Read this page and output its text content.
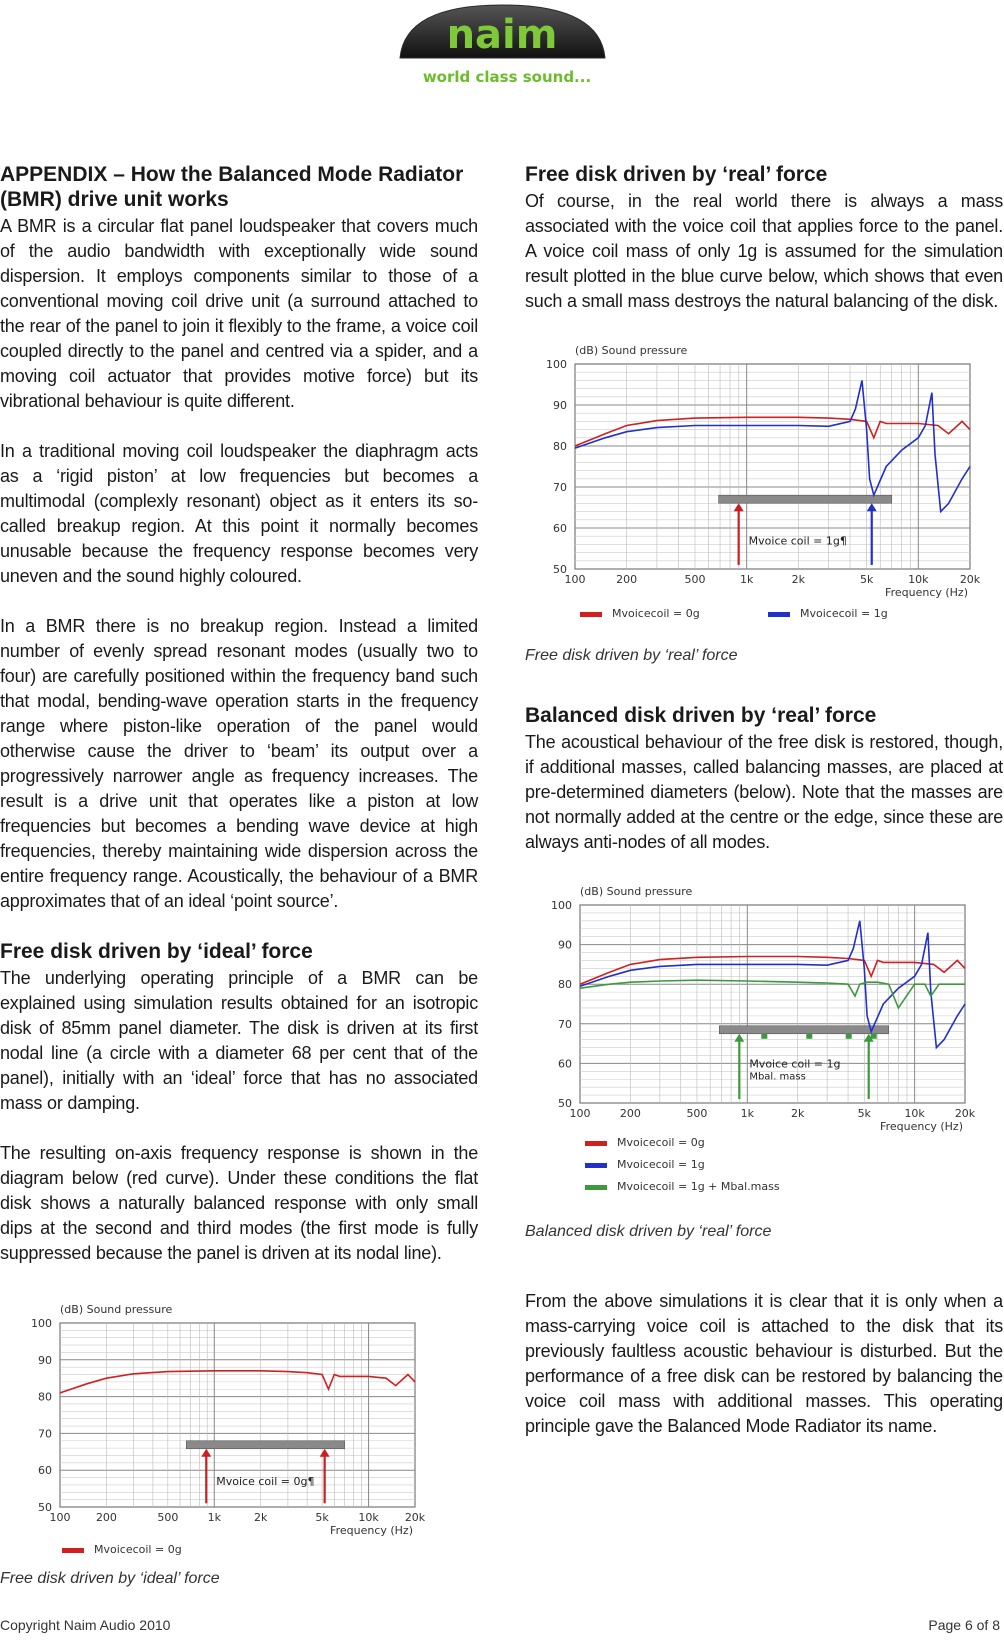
naim
world class sound...
APPENDIX – How the Balanced Mode Radiator (BMR) drive unit works

A BMR is a circular flat panel loudspeaker that covers much of the audio bandwidth with exceptionally wide sound dispersion. It employs components similar to those of a conventional moving coil drive unit (a surround attached to the rear of the panel to join it flexibly to the frame, a voice coil coupled directly to the panel and centred via a spider, and a moving coil actuator that provides motive force) but its vibrational behaviour is quite different.

In a traditional moving coil loudspeaker the diaphragm acts as a ‘rigid piston’ at low frequencies but becomes a multimodal (complexly resonant) object as it enters its so-called breakup region. At this point it normally becomes unusable because the frequency response becomes very uneven and the sound highly coloured.

In a BMR there is no breakup region. Instead a limited number of evenly spread resonant modes (usually two to four) are carefully positioned within the frequency band such that modal, bending-wave operation starts in the frequency range where piston-like operation of the panel would otherwise cause the driver to ‘beam’ its output over a progressively narrower angle as frequency increases. The result is a drive unit that operates like a piston at low frequencies but becomes a bending wave device at high frequencies, thereby maintaining wide dispersion across the entire frequency range. Acoustically, the behaviour of a BMR approximates that of an ideal ‘point source’.

Free disk driven by ‘ideal’ force

The underlying operating principle of a BMR can be explained using simulation results obtained for an isotropic disk of 85mm panel diameter. The disk is driven at its first nodal line (a circle with a diameter 68 per cent that of the panel), initially with an ‘ideal’ force that has no associated mass or damping.

The resulting on-axis frequency response is shown in the diagram below (red curve). Under these conditions the flat disk shows a naturally balanced response with only small dips at the second and third modes (the first mode is fully suppressed because the panel is driven at its nodal line).

(dB) Sound pressure
100
90
80
70
60
50
100 200	500	1k	2k	5k	10k 20k
Frequency (Hz)
Mvoice coil = 0g¶
Mvoicecoil = 0g
Free disk driven by ‘ideal’ force
Free disk driven by ‘real’ force

Of course, in the real world there is always a mass associated with the voice coil that applies force to the panel. A voice coil mass of only 1g is assumed for the simulation result plotted in the blue curve below, which shows that even such a small mass destroys the natural balancing of the disk.

(dB) Sound pressure
100
90
80
70
60
50
100	200	500	1k	2k	5k	10k	20k
Frequency (Hz)
Mvoice coil = 1g¶
Mvoicecoil = 0g	Mvoicecoil = 1g
Free disk driven by ‘real’ force
Balanced disk driven by ‘real’ force

The acoustical behaviour of the free disk is restored, though, if additional masses, called balancing masses, are placed at pre-determined diameters (below). Note that the masses are not normally added at the centre or the edge, since these are always anti-nodes of all modes.

(dB) Sound pressure
100
90
80
70
60
50
100	200	500	1k	2k	5k	10k	20k
Frequency (Hz)
Mvoice coil = 1g
Mbal. mass
Mvoicecoil = 0g
Mvoicecoil = 1g
Mvoicecoil = 1g + Mbal.mass
Balanced disk driven by ‘real’ force

From the above simulations it is clear that it is only when a mass-carrying voice coil is attached to the disk that its previously faultless acoustic behaviour is disturbed. But the performance of a free disk can be restored by balancing the voice coil mass with additional masses. This operating principle gave the Balanced Mode Radiator its name.

Copyright Naim Audio 2010	Page 6 of 8
